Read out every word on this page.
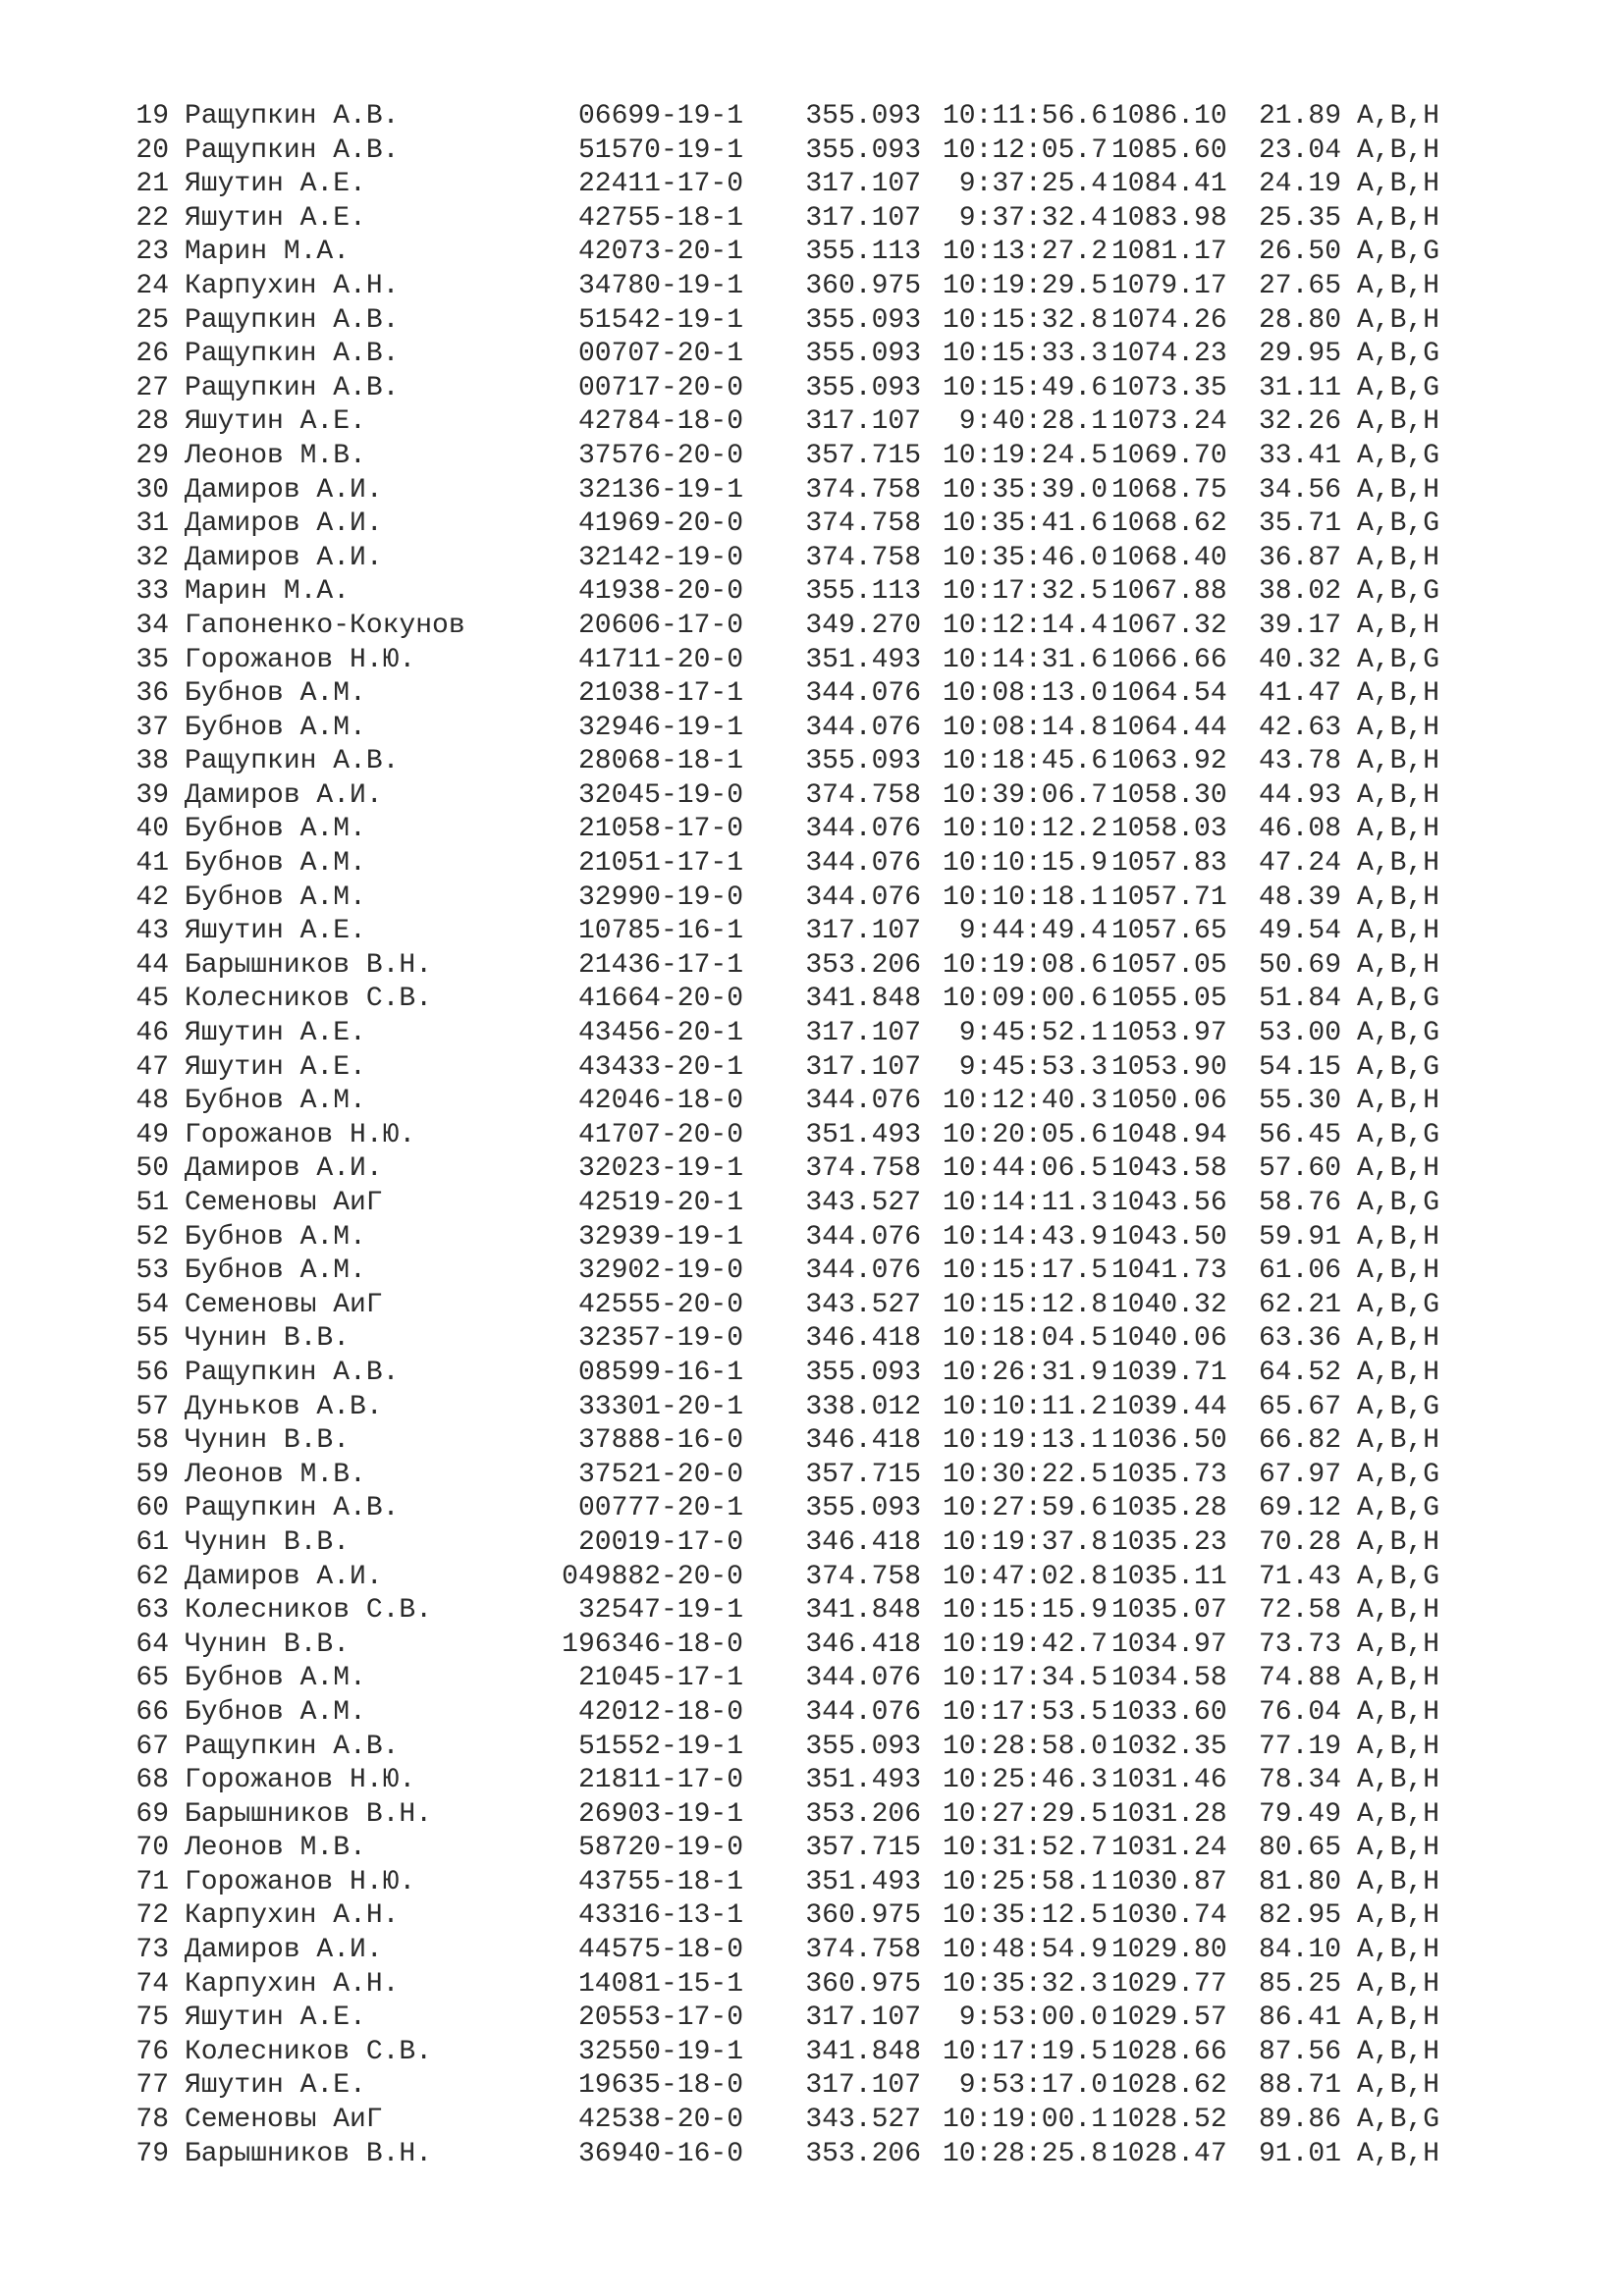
19 Ращупкин А.В.	06699-19-1 355.093 10:11:56.6 1086.10 21.89 A,B,H
20 Ращупкин А.В.	51570-19-1 355.093 10:12:05.7 1085.60 23.04 A,B,H
21 Яшутин А.Е.	22411-17-0 317.107	9:37:25.4 1084.41 24.19 A,B,H
22 Яшутин А.Е.	42755-18-1 317.107	9:37:32.4 1083.98 25.35 A,B,H
23 Марин М.А.	42073-20-1 355.113 10:13:27.2 1081.17 26.50 A,B,G
24 Карпухин А.Н.	34780-19-1 360.975 10:19:29.5 1079.17 27.65 A,B,H
25 Ращупкин А.В.	51542-19-1 355.093 10:15:32.8 1074.26 28.80 A,B,H
26 Ращупкин А.В.	00707-20-1 355.093 10:15:33.3 1074.23 29.95 A,B,G
27 Ращупкин А.В.	00717-20-0 355.093 10:15:49.6 1073.35 31.11 A,B,G
28 Яшутин А.Е.	42784-18-0 317.107	9:40:28.1 1073.24 32.26 A,B,H
29 Леонов М.В.	37576-20-0 357.715 10:19:24.5 1069.70 33.41 A,B,G
30 Дамиров А.И.	32136-19-1 374.758 10:35:39.0 1068.75 34.56 A,B,H
31 Дамиров А.И.	41969-20-0 374.758 10:35:41.6 1068.62 35.71 A,B,G
32 Дамиров А.И.	32142-19-0 374.758 10:35:46.0 1068.40 36.87 A,B,H
33 Марин М.А.	41938-20-0 355.113 10:17:32.5 1067.88 38.02 A,B,G
34 Гапоненко-Кокунов	20606-17-0 349.270 10:12:14.4 1067.32 39.17 A,B,H
35 Горожанов Н.Ю.	41711-20-0 351.493 10:14:31.6 1066.66 40.32 A,B,G
36 Бубнов А.М.	21038-17-1 344.076 10:08:13.0 1064.54 41.47 A,B,H
37 Бубнов А.М.	32946-19-1 344.076 10:08:14.8 1064.44 42.63 A,B,H
38 Ращупкин А.В.	28068-18-1 355.093 10:18:45.6 1063.92 43.78 A,B,H
39 Дамиров А.И.	32045-19-0 374.758 10:39:06.7 1058.30 44.93 A,B,H
40 Бубнов А.М.	21058-17-0 344.076 10:10:12.2 1058.03 46.08 A,B,H
41 Бубнов А.М.	21051-17-1 344.076 10:10:15.9 1057.83 47.24 A,B,H
42 Бубнов А.М.	32990-19-0 344.076 10:10:18.1 1057.71 48.39 A,B,H
43 Яшутин А.Е.	10785-16-1 317.107	9:44:49.4 1057.65 49.54 A,B,H
44 Барышников В.Н.	21436-17-1 353.206 10:19:08.6 1057.05 50.69 A,B,H
45 Колесников С.В.	41664-20-0 341.848 10:09:00.6 1055.05 51.84 A,B,G
46 Яшутин А.Е.	43456-20-1 317.107	9:45:52.1 1053.97 53.00 A,B,G
47 Яшутин А.Е.	43433-20-1 317.107	9:45:53.3 1053.90 54.15 A,B,G
48 Бубнов А.М.	42046-18-0 344.076 10:12:40.3 1050.06 55.30 A,B,H
49 Горожанов Н.Ю.	41707-20-0 351.493 10:20:05.6 1048.94 56.45 A,B,G
50 Дамиров А.И.	32023-19-1 374.758 10:44:06.5 1043.58 57.60 A,B,H
51 Семеновы АиГ	42519-20-1 343.527 10:14:11.3 1043.56 58.76 A,B,G
52 Бубнов А.М.	32939-19-1 344.076 10:14:43.9 1043.50 59.91 A,B,H
53 Бубнов А.М.	32902-19-0 344.076 10:15:17.5 1041.73 61.06 A,B,H
54 Семеновы АиГ	42555-20-0 343.527 10:15:12.8 1040.32 62.21 A,B,G
55 Чунин В.В.	32357-19-0 346.418 10:18:04.5 1040.06 63.36 A,B,H
56 Ращупкин А.В.	08599-16-1 355.093 10:26:31.9 1039.71 64.52 A,B,H
57 Дуньков А.В.	33301-20-1 338.012 10:10:11.2 1039.44 65.67 A,B,G
58 Чунин В.В.	37888-16-0 346.418 10:19:13.1 1036.50 66.82 A,B,H
59 Леонов М.В.	37521-20-0 357.715 10:30:22.5 1035.73 67.97 A,B,G
60 Ращупкин А.В.	00777-20-1 355.093 10:27:59.6 1035.28 69.12 A,B,G
61 Чунин В.В.	20019-17-0 346.418 10:19:37.8 1035.23 70.28 A,B,H
62 Дамиров А.И.	049882-20-0 374.758 10:47:02.8 1035.11 71.43 A,B,G
63 Колесников С.В.	32547-19-1 341.848 10:15:15.9 1035.07 72.58 A,B,H
64 Чунин В.В.	196346-18-0 346.418 10:19:42.7 1034.97 73.73 A,B,H
65 Бубнов А.М.	21045-17-1 344.076 10:17:34.5 1034.58 74.88 A,B,H
66 Бубнов А.М.	42012-18-0 344.076 10:17:53.5 1033.60 76.04 A,B,H
67 Ращупкин А.В.	51552-19-1 355.093 10:28:58.0 1032.35 77.19 A,B,H
68 Горожанов Н.Ю.	21811-17-0 351.493 10:25:46.3 1031.46 78.34 A,B,H
69 Барышников В.Н.	26903-19-1 353.206 10:27:29.5 1031.28 79.49 A,B,H
70 Леонов М.В.	58720-19-0 357.715 10:31:52.7 1031.24 80.65 A,B,H
71 Горожанов Н.Ю.	43755-18-1 351.493 10:25:58.1 1030.87 81.80 A,B,H
72 Карпухин А.Н.	43316-13-1 360.975 10:35:12.5 1030.74 82.95 A,B,H
73 Дамиров А.И.	44575-18-0 374.758 10:48:54.9 1029.80 84.10 A,B,H
74 Карпухин А.Н.	14081-15-1 360.975 10:35:32.3 1029.77 85.25 A,B,H
75 Яшутин А.Е.	20553-17-0 317.107	9:53:00.0 1029.57 86.41 A,B,H
76 Колесников С.В.	32550-19-1 341.848 10:17:19.5 1028.66 87.56 A,B,H
77 Яшутин А.Е.	19635-18-0 317.107	9:53:17.0 1028.62 88.71 A,B,H
78 Семеновы АиГ	42538-20-0 343.527 10:19:00.1 1028.52 89.86 A,B,G
79 Барышников В.Н.	36940-16-0 353.206 10:28:25.8 1028.47 91.01 A,B,H
